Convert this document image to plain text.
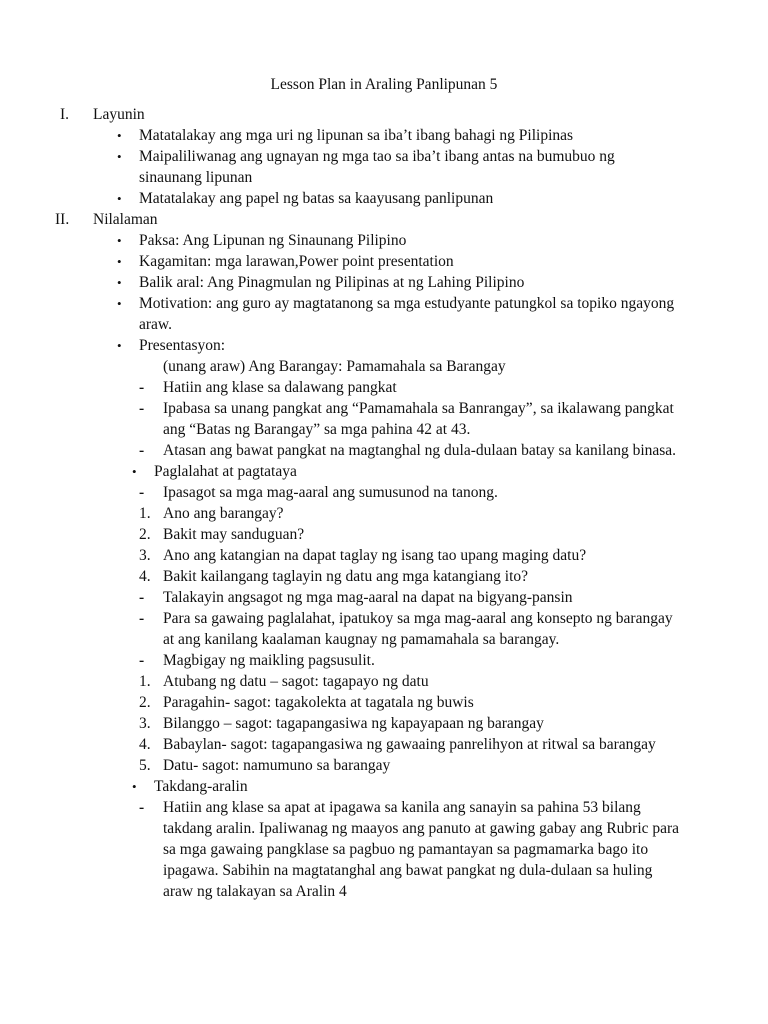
Lesson Plan in Araling Panlipunan 5
I. Layunin
• Matatalakay ang mga uri ng lipunan sa iba’t ibang bahagi ng Pilipinas
• Maipaliliwanag ang ugnayan ng mga tao sa iba’t ibang antas na bumubuo ng
sinaunang lipunan
• Matatalakay ang papel ng batas sa kaayusang panlipunan
II. Nilalaman
• Paksa: Ang Lipunan ng Sinaunang Pilipino
• Kagamitan: mga larawan,Power point presentation
• Balik aral: Ang Pinagmulan ng Pilipinas at ng Lahing Pilipino
• Motivation: ang guro ay magtatanong sa mga estudyante patungkol sa topiko ngayong
araw.
• Presentasyon:
(unang araw) Ang Barangay: Pamamahala sa Barangay
- Hatiin ang klase sa dalawang pangkat
- Ipabasa sa unang pangkat ang “Pamamahala sa Banrangay”, sa ikalawang pangkat
ang “Batas ng Barangay” sa mga pahina 42 at 43.
- Atasan ang bawat pangkat na magtanghal ng dula-dulaan batay sa kanilang binasa.
• Paglalahat at pagtataya
- Ipasagot sa mga mag-aaral ang sumusunod na tanong.
1. Ano ang barangay?
2. Bakit may sanduguan?
3. Ano ang katangian na dapat taglay ng isang tao upang maging datu?
4. Bakit kailangang taglayin ng datu ang mga katangiang ito?
- Talakayin angsagot ng mga mag-aaral na dapat na bigyang-pansin
- Para sa gawaing paglalahat, ipatukoy sa mga mag-aaral ang konsepto ng barangay
at ang kanilang kaalaman kaugnay ng pamamahala sa barangay.
- Magbigay ng maikling pagsusulit.
1. Atubang ng datu – sagot: tagapayo ng datu
2. Paragahin- sagot: tagakolekta at tagatala ng buwis
3. Bilanggo – sagot: tagapangasiwa ng kapayapaan ng barangay
4. Babaylan- sagot: tagapangasiwa ng gawaaing panrelihyon at ritwal sa barangay
5. Datu- sagot: namumuno sa barangay
• Takdang-aralin
- Hatiin ang klase sa apat at ipagawa sa kanila ang sanayin sa pahina 53 bilang
takdang aralin. Ipaliwanag ng maayos ang panuto at gawing gabay ang Rubric para
sa mga gawaing pangklase sa pagbuo ng pamantayan sa pagmamarka bago ito
ipagawa. Sabihin na magtatanghal ang bawat pangkat ng dula-dulaan sa huling
araw ng talakayan sa Aralin 4
